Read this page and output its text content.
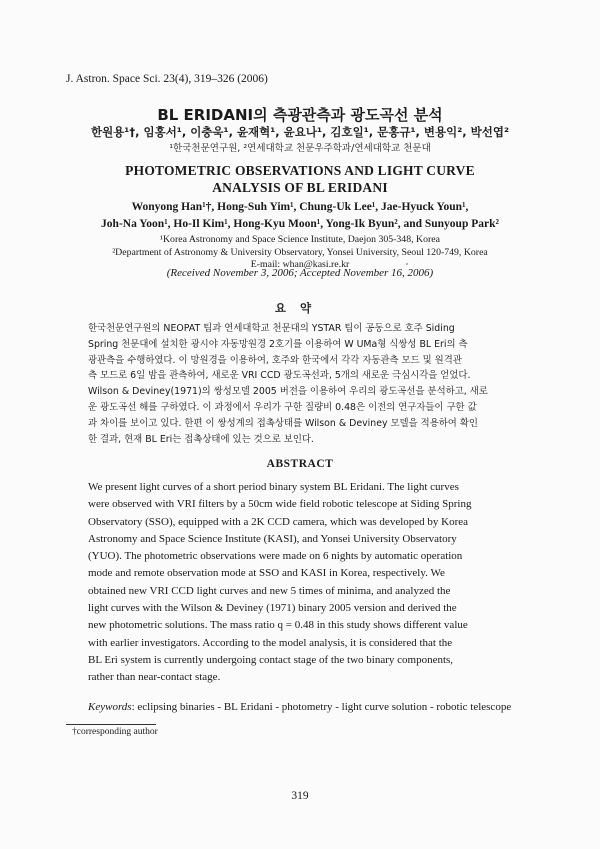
J. Astron. Space Sci. 23(4), 319–326 (2006)
BL ERIDANI의 측광관측과 광도곡선 분석
한원용¹†, 임홍서¹, 이충욱¹, 윤재혁¹, 윤요나¹, 김호일¹, 문홍규¹, 변용익², 박선엽²
¹한국천문연구원, ²연세대학교 천문우주학과/연세대학교 천문대
PHOTOMETRIC OBSERVATIONS AND LIGHT CURVE
ANALYSIS OF BL ERIDANI
Wonyong Han¹†, Hong-Suh Yim¹, Chung-Uk Lee¹, Jae-Hyuck Youn¹,
Joh-Na Yoon¹, Ho-Il Kim¹, Hong-Kyu Moon¹, Yong-Ik Byun², and Sunyoup Park²
¹Korea Astronomy and Space Science Institute, Daejon 305-348, Korea
²Department of Astronomy & University Observatory, Yonsei University, Seoul 120-749, Korea
E-mail: whan@kasi.re.kr
(Received November 3, 2006; Accepted November 16, 2006)
요약
한국천문연구원의 NEOPAT 팀과 연세대학교 천문대의 YSTAR 팀이 공동으로 호주 Siding
Spring 천문대에 설치한 광시야 자동망원경 2호기를 이용하여 W UMa형 식쌍성 BL Eri의 측
광관측을 수행하였다. 이 망원경을 이용하여, 호주와 한국에서 각각 자동관측 모드 및 원격관
측 모드로 6일 밤을 관측하여, 새로운 VRI CCD 광도곡선과, 5개의 새로운 극심시각을 얻었다.
Wilson & Deviney(1971)의 쌍성모델 2005 버전을 이용하여 우리의 광도곡선을 분석하고, 새로
운 광도곡선 해를 구하였다. 이 과정에서 우리가 구한 질량비 0.48은 이전의 연구자들이 구한 값
과 차이를 보이고 있다. 한편 이 쌍성계의 접촉상태를 Wilson & Deviney 모델을 적용하여 확인
한 결과, 현재 BL Eri는 접촉상태에 있는 것으로 보인다.
ABSTRACT
We present light curves of a short period binary system BL Eridani. The light curves
were observed with VRI filters by a 50cm wide field robotic telescope at Siding Spring
Observatory (SSO), equipped with a 2K CCD camera, which was developed by Korea
Astronomy and Space Science Institute (KASI), and Yonsei University Observatory
(YUO). The photometric observations were made on 6 nights by automatic operation
mode and remote observation mode at SSO and KASI in Korea, respectively. We
obtained new VRI CCD light curves and new 5 times of minima, and analyzed the
light curves with the Wilson & Deviney (1971) binary 2005 version and derived the
new photometric solutions. The mass ratio q = 0.48 in this study shows different value
with earlier investigators. According to the model analysis, it is considered that the
BL Eri system is currently undergoing contact stage of the two binary components,
rather than near-contact stage.
Keywords: eclipsing binaries - BL Eridani - photometry - light curve solution - robotic telescope
†corresponding author
319
